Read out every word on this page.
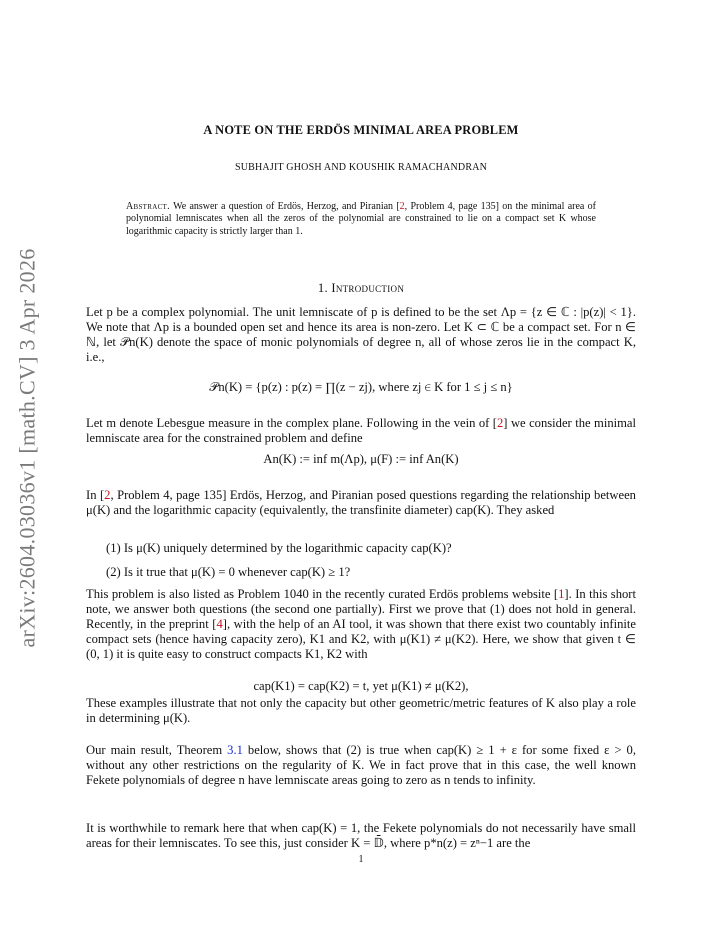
arXiv:2604.03036v1 [math.CV] 3 Apr 2026
A NOTE ON THE ERDÖS MINIMAL AREA PROBLEM
SUBHAJIT GHOSH AND KOUSHIK RAMACHANDRAN
Abstract. We answer a question of Erdös, Herzog, and Piranian [2, Problem 4, page 135] on the minimal area of polynomial lemniscates when all the zeros of the polynomial are constrained to lie on a compact set K whose logarithmic capacity is strictly larger than 1.
1. Introduction
Let p be a complex polynomial. The unit lemniscate of p is defined to be the set Λp = {z ∈ ℂ : |p(z)| < 1}. We note that Λp is a bounded open set and hence its area is non-zero. Let K ⊂ ℂ be a compact set. For n ∈ ℕ, let 𝒫n(K) denote the space of monic polynomials of degree n, all of whose zeros lie in the compact K, i.e.,
𝒫n(K) = {p(z) : p(z) = ∏(z − zj), where zj ∈ K for 1 ≤ j ≤ n}
Let m denote Lebesgue measure in the complex plane. Following in the vein of [2] we consider the minimal lemniscate area for the constrained problem and define
An(K) := inf m(Λp), μ(F) := inf An(K)
In [2, Problem 4, page 135] Erdös, Herzog, and Piranian posed questions regarding the relationship between μ(K) and the logarithmic capacity (equivalently, the transfinite diameter) cap(K). They asked
(1) Is μ(K) uniquely determined by the logarithmic capacity cap(K)?
(2) Is it true that μ(K) = 0 whenever cap(K) ≥ 1?
This problem is also listed as Problem 1040 in the recently curated Erdös problems website [1]. In this short note, we answer both questions (the second one partially). First we prove that (1) does not hold in general. Recently, in the preprint [4], with the help of an AI tool, it was shown that there exist two countably infinite compact sets (hence having capacity zero), K1 and K2, with μ(K1) ≠ μ(K2). Here, we show that given t ∈ (0, 1) it is quite easy to construct compacts K1, K2 with
cap(K1) = cap(K2) = t, yet μ(K1) ≠ μ(K2),
These examples illustrate that not only the capacity but other geometric/metric features of K also play a role in determining μ(K).
Our main result, Theorem 3.1 below, shows that (2) is true when cap(K) ≥ 1 + ε for some fixed ε > 0, without any other restrictions on the regularity of K. We in fact prove that in this case, the well known Fekete polynomials of degree n have lemniscate areas going to zero as n tends to infinity.
It is worthwhile to remark here that when cap(K) = 1, the Fekete polynomials do not necessarily have small areas for their lemniscates. To see this, just consider K = 𝔻̄, where p*n(z) = zⁿ−1 are the
1
